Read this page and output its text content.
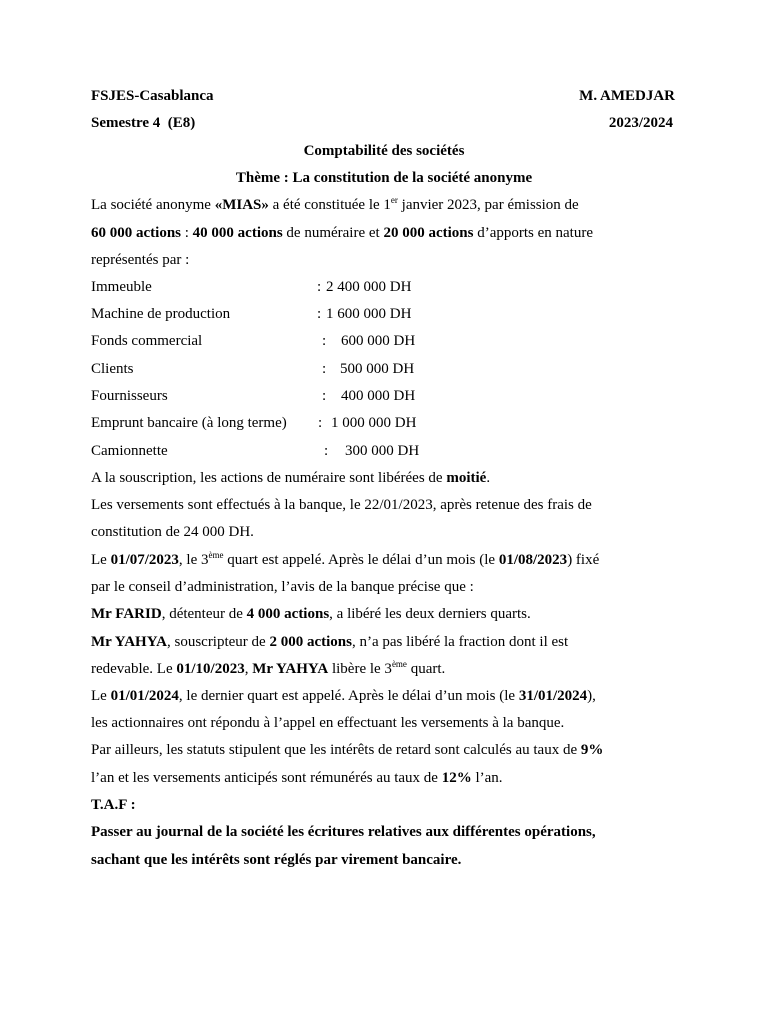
FSJES-Casablanca	M. AMEDJAR
Semestre 4  (E8)	2023/2024
Comptabilité des sociétés
Thème : La constitution de la société anonyme
La société anonyme «MIAS» a été constituée le 1er janvier 2023, par émission de
60 000 actions : 40 000 actions de numéraire et 20 000 actions d’apports en nature
représentés par :
Immeuble	: 2 400 000 DH
Machine de production	: 1 600 000 DH
Fonds commercial	: 600 000 DH
Clients	: 500 000 DH
Fournisseurs	: 400 000 DH
Emprunt bancaire (à long terme) : 1 000 000 DH
Camionnette	: 300 000 DH
A la souscription, les actions de numéraire sont libérées de moitié.
Les versements sont effectués à la banque, le 22/01/2023, après retenue des frais de
constitution de 24 000 DH.
Le 01/07/2023, le 3ème quart est appelé. Après le délai d’un mois (le 01/08/2023) fixé
par le conseil d’administration, l’avis de la banque précise que :
Mr FARID, détenteur de 4 000 actions, a libéré les deux derniers quarts.
Mr YAHYA, souscripteur de 2 000 actions, n’a pas libéré la fraction dont il est
redevable. Le 01/10/2023, Mr YAHYA libère le 3ème quart.
Le 01/01/2024, le dernier quart est appelé. Après le délai d’un mois (le 31/01/2024),
les actionnaires ont répondu à l’appel en effectuant les versements à la banque.
Par ailleurs, les statuts stipulent que les intérêts de retard sont calculés au taux de 9%
l’an et les versements anticipés sont rémunérés au taux de 12% l’an.
T.A.F :
Passer au journal de la société les écritures relatives aux différentes opérations,
sachant que les intérêts sont réglés par virement bancaire.
